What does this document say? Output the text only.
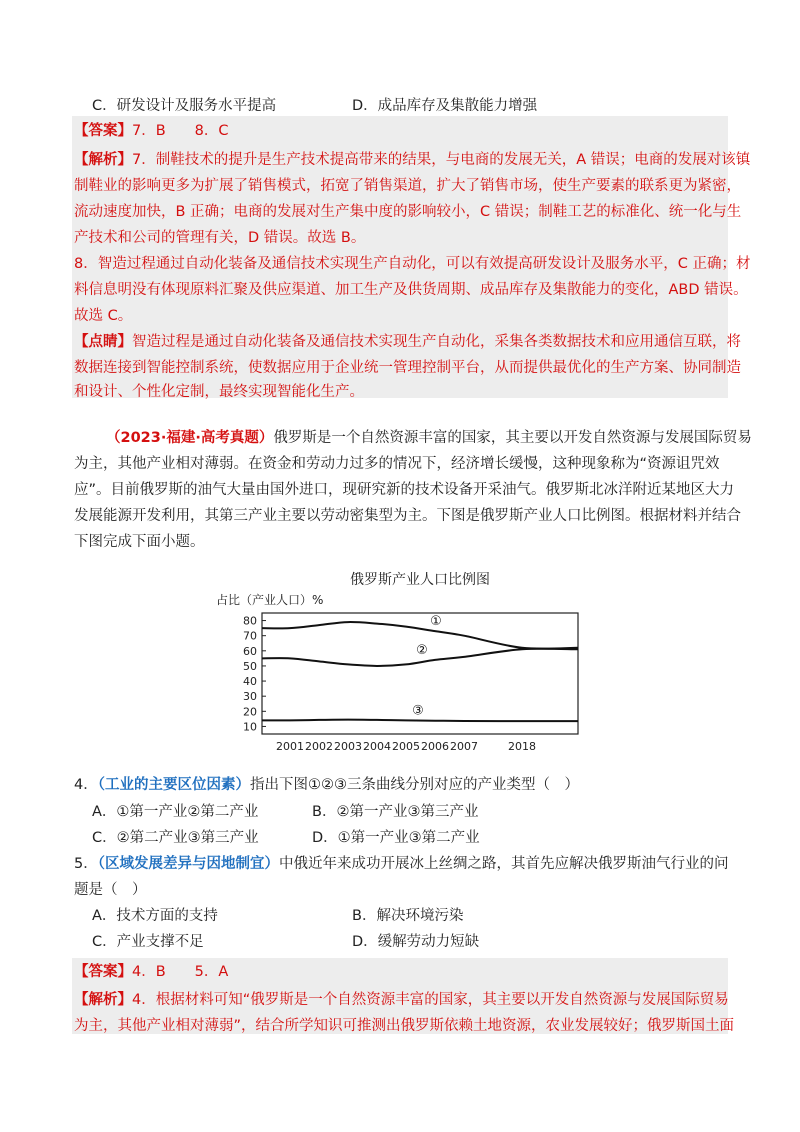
C．研发设计及服务水平提高	D．成品库存及集散能力增强
【答案】7．B　　8．C
【解析】7．制鞋技术的提升是生产技术提高带来的结果，与电商的发展无关，A 错误；电商的发展对该镇
制鞋业的影响更多为扩展了销售模式，拓宽了销售渠道，扩大了销售市场，使生产要素的联系更为紧密，
流动速度加快，B 正确；电商的发展对生产集中度的影响较小，C 错误；制鞋工艺的标准化、统一化与生
产技术和公司的管理有关，D 错误。故选 B。
8．智造过程通过自动化装备及通信技术实现生产自动化，可以有效提高研发设计及服务水平，C 正确；材
料信息明没有体现原料汇聚及供应渠道、加工生产及供货周期、成品库存及集散能力的变化，ABD 错误。
故选 C。
【点睛】智造过程是通过自动化装备及通信技术实现生产自动化，采集各类数据技术和应用通信互联，将
数据连接到智能控制系统，使数据应用于企业统一管理控制平台，从而提供最优化的生产方案、协同制造
和设计、个性化定制，最终实现智能化生产。
（2023·福建·高考真题）俄罗斯是一个自然资源丰富的国家，其主要以开发自然资源与发展国际贸易
为主，其他产业相对薄弱。在资金和劳动力过多的情况下，经济增长缓慢，这种现象称为“资源诅咒效
应”。目前俄罗斯的油气大量由国外进口，现研究新的技术设备开采油气。俄罗斯北冰洋附近某地区大力
发展能源开发利用，其第三产业主要以劳动密集型为主。下图是俄罗斯产业人口比例图。根据材料并结合
下图完成下面小题。
俄罗斯产业人口比例图
占比（产业人口）%
80
70
60
50
40
30
20
10
2001 2002 2003 2004 2005 2006 2007	2018
①
②
③
4．（工业的主要区位因素）指出下图①②③三条曲线分别对应的产业类型（　）
A．①第一产业②第二产业	B．②第一产业③第三产业
C．②第二产业③第三产业	D．①第一产业③第二产业
5．（区域发展差异与因地制宜）中俄近年来成功开展冰上丝绸之路，其首先应解决俄罗斯油气行业的问
题是（　）
A．技术方面的支持	B．解决环境污染
C．产业支撑不足	D．缓解劳动力短缺
【答案】4．B　　5．A
【解析】4．根据材料可知“俄罗斯是一个自然资源丰富的国家，其主要以开发自然资源与发展国际贸易
为主，其他产业相对薄弱”，结合所学知识可推测出俄罗斯依赖土地资源，农业发展较好；俄罗斯国土面
